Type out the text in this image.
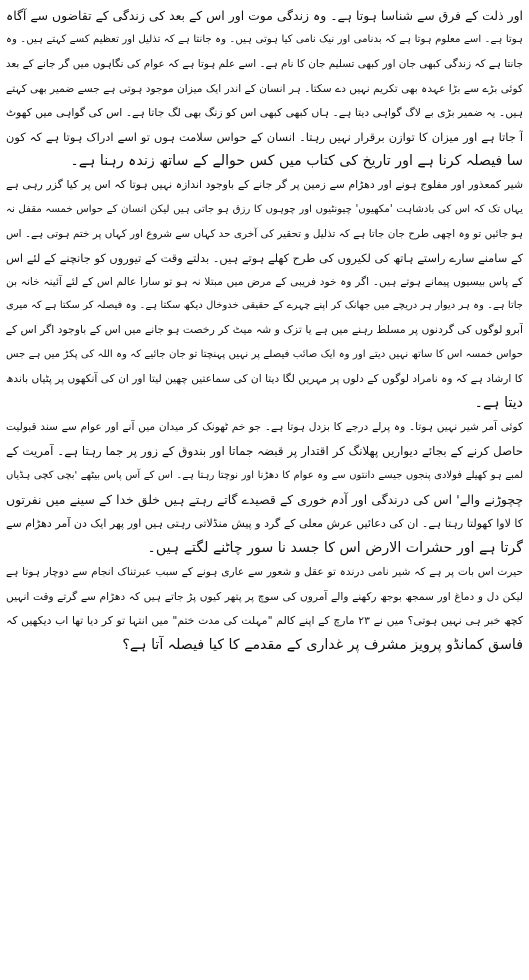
اور ذلت کے فرق سے شناسا ہوتا ہے۔ وہ زندگی موت اور اس کے بعد کی زندگی کے تقاضوں سے آگاہ
ہوتا ہے۔ اسے معلوم ہوتا ہے کہ بدنامی اور نیک نامی کیا ہوتی ہیں۔ وہ جانتا ہے کہ تذلیل اور تعظیم کسے کہتے ہیں۔ وہ
جانتا ہے کہ زندگی کبھی جان اور کبھی تسلیم جان کا نام ہے۔ اسے علم ہوتا ہے کہ عوام کی نگاہوں میں گر جانے کے بعد
کوئی بڑے سے بڑا عہدہ بھی تکریم نہیں دے سکتا۔ ہر انسان کے اندر ایک میزان موجود ہوتی ہے جسے ضمیر بھی کہتے
ہیں۔ یہ ضمیر بڑی بے لاگ گواہی دیتا ہے۔ ہاں کبھی کبھی اس کو زنگ بھی لگ جاتا ہے۔ اس کی گواہی میں کھوٹ
آ جاتا ہے اور میزان کا توازن برقرار نہیں رہتا۔ انسان کے حواس سلامت ہوں تو اسے ادراک ہوتا ہے کہ کون
سا فیصلہ کرنا ہے اور تاریخ کی کتاب میں کس حوالے کے ساتھ زندہ رہنا ہے۔
شیر کمعذور اور مفلوج ہونے اور دھڑام سے زمین پر گر جانے کے باوجود اندازہ نہیں ہوتا کہ اس پر کیا گزر رہی ہے
یہاں تک کہ اس کی بادشاہت 'مکھیوں' چیونٹیوں اور چوہوں کا رزق ہو جاتی ہیں لیکن انسان کے حواس خمسہ مقفل نہ
ہو جائیں تو وہ اچھی طرح جان جاتا ہے کہ تذلیل و تحقیر کی آخری حد کہاں سے شروع اور کہاں پر ختم ہوتی ہے۔ اس
کے سامنے سارے راستے ہاتھ کی لکیروں کی طرح کھلے ہوتے ہیں۔ بدلتے وقت کے تیوروں کو جانچنے کے لئے اس
کے پاس بیسیوں پیمانے ہوتے ہیں۔ اگر وہ خود فریبی کے مرض میں مبتلا نہ ہو تو سارا عالم اس کے لئے آئینہ خانہ بن
جاتا ہے۔ وہ ہر دیوار ہر دریچے میں جھانک کر اپنے چہرے کے حقیقی خدوخال دیکھ سکتا ہے۔ وہ فیصلہ کر سکتا ہے کہ میری
آبرو لوگوں کی گردنوں پر مسلط رہنے میں ہے یا تزک و شہ میٹ کر رخصت ہو جانے میں اس کے باوجود اگر اس کے
حواس خمسہ اس کا ساتھ نہیں دیتے اور وہ ایک صائب فیصلے پر نہیں پہنچتا تو جان جائیے کہ وہ اللہ کی پکڑ میں ہے جس
کا ارشاد ہے کہ وہ نامراد لوگوں کے دلوں پر مہریں لگا دیتا ان کی سماعتیں چھین لیتا اور ان کی آنکھوں پر پٹیاں باندھ
دیتا ہے۔
کوئی آمر شیر نہیں ہوتا۔ وہ پرلے درجے کا بزدل ہوتا ہے۔ جو خم ٹھونک کر میدان میں آنے اور عوام سے سند قبولیت
حاصل کرنے کے بجائے دیواریں پھلانگ کر اقتدار پر قبضہ جماتا اور بندوق کے زور پر جما رہتا ہے۔ آمریت کے
لمبے ہو کھیلے فولادی پنجوں جیسے دانتوں سے وہ عوام کا دھڑنا اور نوچتا رہتا ہے۔ اس کے آس پاس بیٹھے 'بچی کچی ہڈیاں
چچوڑنے والے' اس کی درندگی اور آدم خوری کے قصیدے گاتے رہتے ہیں خلق خدا کے سینے میں نفرتوں
کا لاوا کھولتا رہتا ہے۔ ان کی دعائیں عرش معلی کے گرد و پیش منڈلاتی رہتی ہیں اور پھر ایک دن آمر دھڑام سے
گرتا ہے اور حشرات الارض اس کا جسد نا سور چاٹنے لگتے ہیں۔
حیرت اس بات پر ہے کہ شیر نامی درندہ تو عقل و شعور سے عاری ہونے کے سبب عبرتناک انجام سے دوچار ہوتا ہے
لیکن دل و دماغ اور سمجھ بوجھ رکھنے والے آمروں کی سوچ پر پتھر کیوں پڑ جاتے ہیں کہ دھڑام سے گرتے وقت انہیں
کچھ خبر ہی نہیں ہوتی؟ میں نے ۲۳ مارچ کے اپنے کالم "مہلت کی مدت ختم" میں انتہا تو کر دیا تھا اب دیکھیں کہ
فاسق کمانڈو پرویز مشرف پر غداری کے مقدمے کا کیا فیصلہ آتا ہے؟
